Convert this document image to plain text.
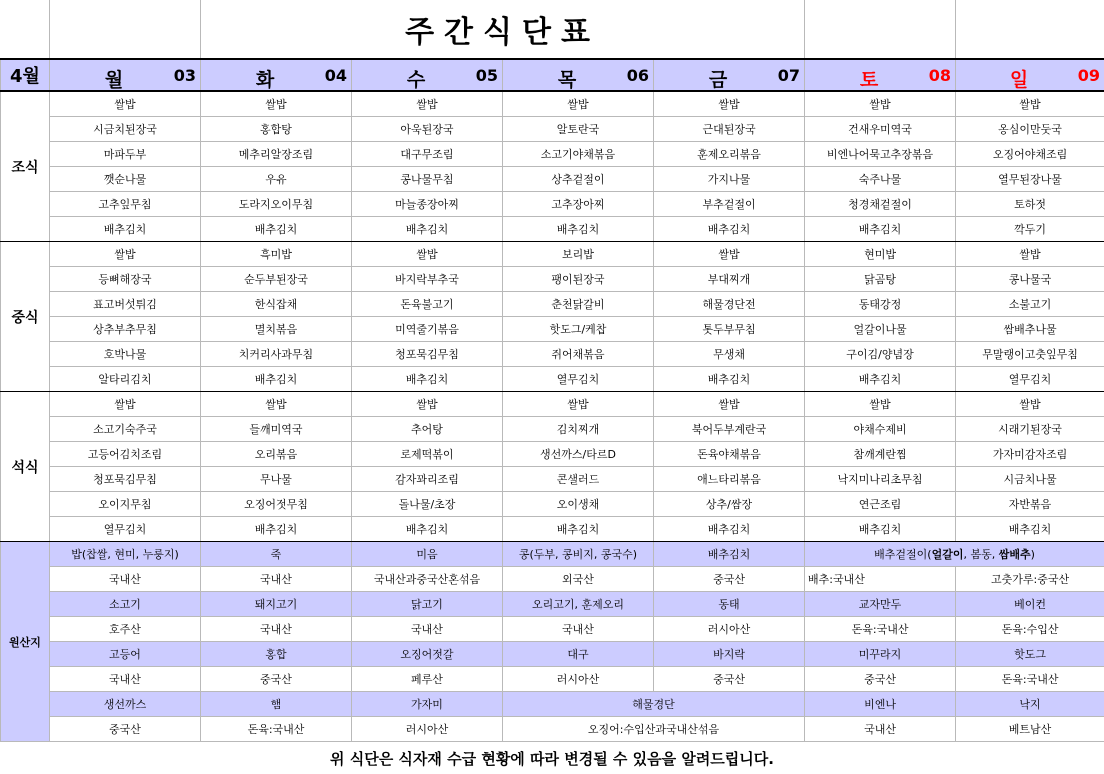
		주간식단표					
4월	월 03	화 04	수 05	목 06	금 07	토 08	일 09

조식	쌀밥	쌀밥	쌀밥	쌀밥	쌀밥	쌀밥	쌀밥
	시금치된장국	홍합탕	아욱된장국	알토란국	근대된장국	건새우미역국	옹심이만둣국
	마파두부	메추리알장조림	대구무조림	소고기야채볶음	훈제오리볶음	비엔나어묵고추장볶음	오징어야채조림
	깻순나물	우유	콩나물무침	상추겉절이	가지나물	숙주나물	열무된장나물
	고추잎무침	도라지오이무침	마늘종장아찌	고추장아찌	부추겉절이	청경채겉절이	토하젓
	배추김치	배추김치	배추김치	배추김치	배추김치	배추김치	깍두기
중식	쌀밥	흑미밥	쌀밥	보리밥	쌀밥	현미밥	쌀밥
	등뼈해장국	순두부된장국	바지락부추국	팽이된장국	부대찌개	닭곰탕	콩나물국
	표고버섯튀김	한식잡채	돈육불고기	춘천닭갈비	해물경단전	동태강정	소불고기
	상추부추무침	멸치볶음	미역줄기볶음	핫도그/케찹	톳두부무침	얼갈이나물	쌈배추나물
	호박나물	치커리사과무침	청포묵김무침	쥐어채볶음	무생채	구이김/양념장	무말랭이고춧잎무침
	알타리김치	배추김치	배추김치	열무김치	배추김치	배추김치	열무김치
석식	쌀밥	쌀밥	쌀밥	쌀밥	쌀밥	쌀밥	쌀밥
	소고기숙주국	들깨미역국	추어탕	김치찌개	북어두부계란국	야채수제비	시래기된장국
	고등어김치조림	오리볶음	로제떡볶이	생선까스/타르D	돈육야채볶음	참깨계란찜	가자미감자조림
	청포묵김무침	무나물	감자꽈리조림	콘샐러드	애느타리볶음	낙지미나리초무침	시금치나물
	오이지무침	오징어젓무침	돌나물/초장	오이생채	상추/쌈장	연근조림	자반볶음
	열무김치	배추김치	배추김치	배추김치	배추김치	배추김치	배추김치
원산지	밥(찹쌀, 현미, 누룽지)	죽	미음	콩(두부, 콩비지, 콩국수)	배추김치	배추겉절이(얼갈이, 봄동, 쌈배추)	
	국내산	국내산	국내산과중국산혼섞음	외국산	중국산	배추:국내산	고춧가루:중국산
	소고기	돼지고기	닭고기	오리고기, 훈제오리	동태	교자만두	베이컨
	호주산	국내산	국내산	국내산	러시아산	돈육:국내산	돈육:수입산
	고등어	홍합	오징어젓갈	대구	바지락	미꾸라지	핫도그
	국내산	중국산	페루산	러시아산	중국산	중국산	돈육:국내산
	생선까스	햄	가자미	해물경단		비엔나	낙지
	중국산	돈육:국내산	러시아산	오징어:수입산과국내산섞음		국내산	베트남산
위 식단은 식자재 수급 현황에 따라 변경될 수 있음을 알려드립니다.
